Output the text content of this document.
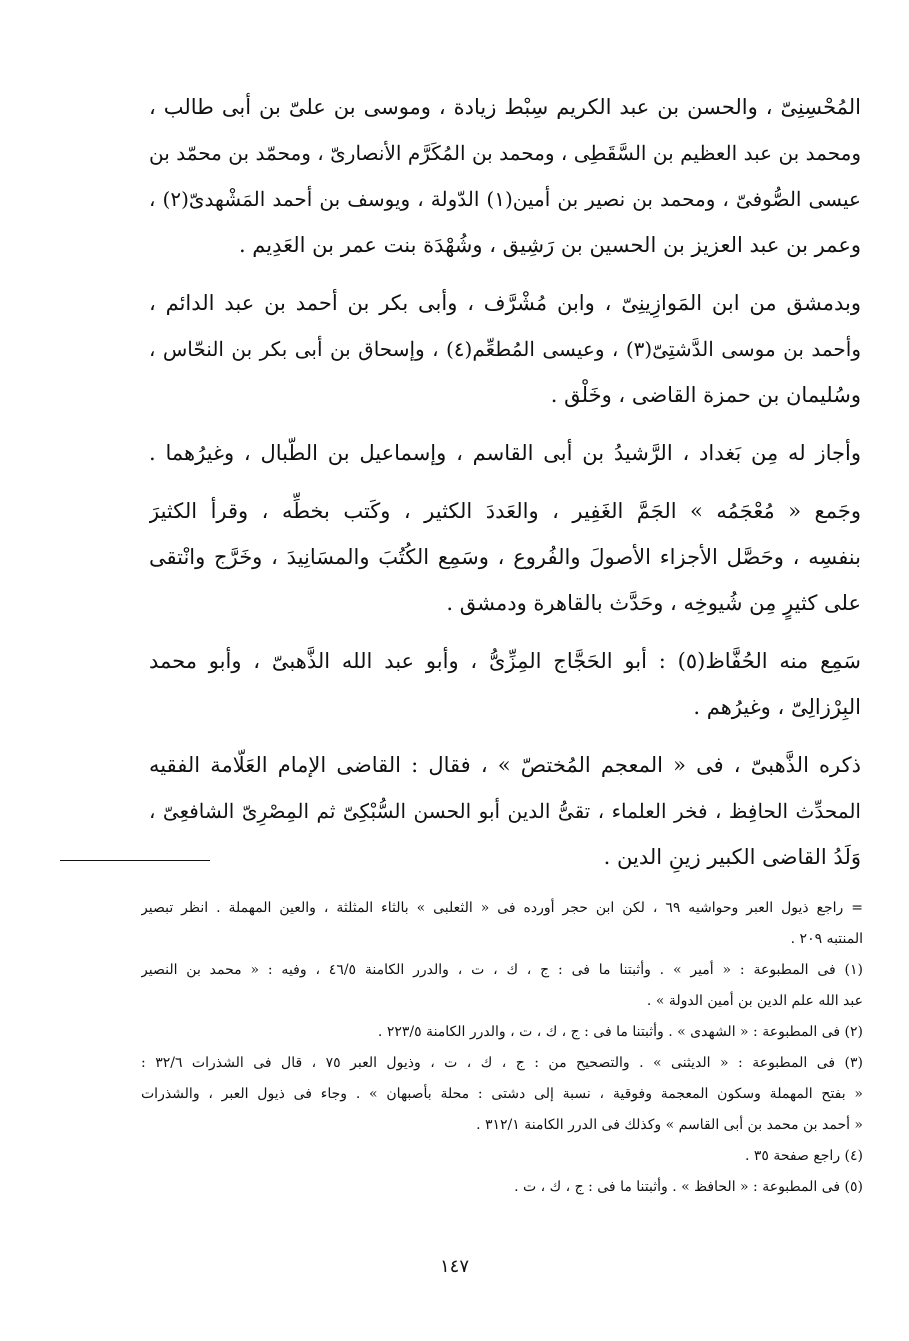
المُحْسِنِىّ ، والحسن بن عبد الكريم سِبْط زيادة ، وموسى بن علىّ بن أبى طالب ،
ومحمد بن عبد العظيم بن السَّقَطِى ، ومحمد بن المُكَرَّم الأنصارىّ ، ومحمّد بن محمّد بن
عيسى الصُّوفىّ ، ومحمد بن نصير بن أمين(١) الدّولة ، ويوسف بن أحمد المَشْهدىّ(٢) ،
وعمر بن عبد العزيز بن الحسين بن رَشِيق ، وشُهْدَة بنت عمر بن العَدِيم .
وبدمشق من ابن المَوازِينِىّ ، وابن مُشْرَّف ، وأبى بكر بن أحمد بن عبد الدائم ،
وأحمد بن موسى الدَّشتِىّ(٣) ، وعيسى المُطعِّم(٤) ، وإسحاق بن أبى بكر بن النحّاس ،
وسُليمان بن حمزة القاضى ، وخَلْق .
وأجاز له مِن بَغداد ، الرَّشيدُ بن أبى القاسم ، وإسماعيل بن الطّبال ، وغيرُهما .
وجَمع « مُعْجَمُه » الجَمَّ الغَفِير ، والعَددَ الكثير ، وكَتب بخطِّه ، وقرأ الكثيرَ
بنفسِه ، وحَصَّل الأجزاء الأصولَ والفُروع ، وسَمِع الكُتُبَ والمسَانِيدَ ، وخَرَّج وانْتقى
على كثيرٍ مِن شُيوخِه ، وحَدَّث بالقاهرة ودمشق .
سَمِع منه الحُفَّاظ(٥) : أبو الحَجَّاج المِزِّىُّ ، وأبو عبد الله الذَّهبىّ ، وأبو محمد
البِرْزالِىّ ، وغيرُهم .
ذكره الذَّهبىّ ، فى « المعجم المُختصّ » ، فقال : القاضى الإمام العَلّامة الفقيه
المحدِّث الحافِظ ، فخر العلماء ، تقىُّ الدين أبو الحسن السُّبْكِىّ ثم المِصْرِىّ الشافعِىّ ،
وَلَدُ القاضى الكبير زينِ الدين .
= راجع ذيول العبر وحواشيه ٦٩ ، لكن ابن حجر أورده فى « الثعلبى » بالثاء المثلثة ، والعين المهملة . انظر تبصير
المنتبه ٢٠٩ .
(١) فى المطبوعة : « أمير » . وأثبتنا ما فى : ج ، ك ، ت ، والدرر الكامنة ٤٦/٥ ، وفيه : « محمد بن النصير
عبد الله علم الدين بن أمين الدولة » .
(٢) فى المطبوعة : « الشهدى » . وأثبتنا ما فى : ج ، ك ، ت ، والدرر الكامنة ٢٢٣/٥ .
(٣) فى المطبوعة : « الديثنى » . والتصحيح من : ج ، ك ، ت ، وذيول العبر ٧٥ ، قال فى الشذرات ٣٢/٦ :
« بفتح المهملة وسكون المعجمة وفوقية ، نسبة إلى دشتى : محلة بأصبهان » . وجاء فى ذيول العبر ، والشذرات
« أحمد بن محمد بن أبى القاسم » وكذلك فى الدرر الكامنة ٣١٢/١ .
(٤) راجع صفحة ٣٥ .
(٥) فى المطبوعة : « الحافظ » . وأثبتنا ما فى : ج ، ك ، ت .
١٤٧
